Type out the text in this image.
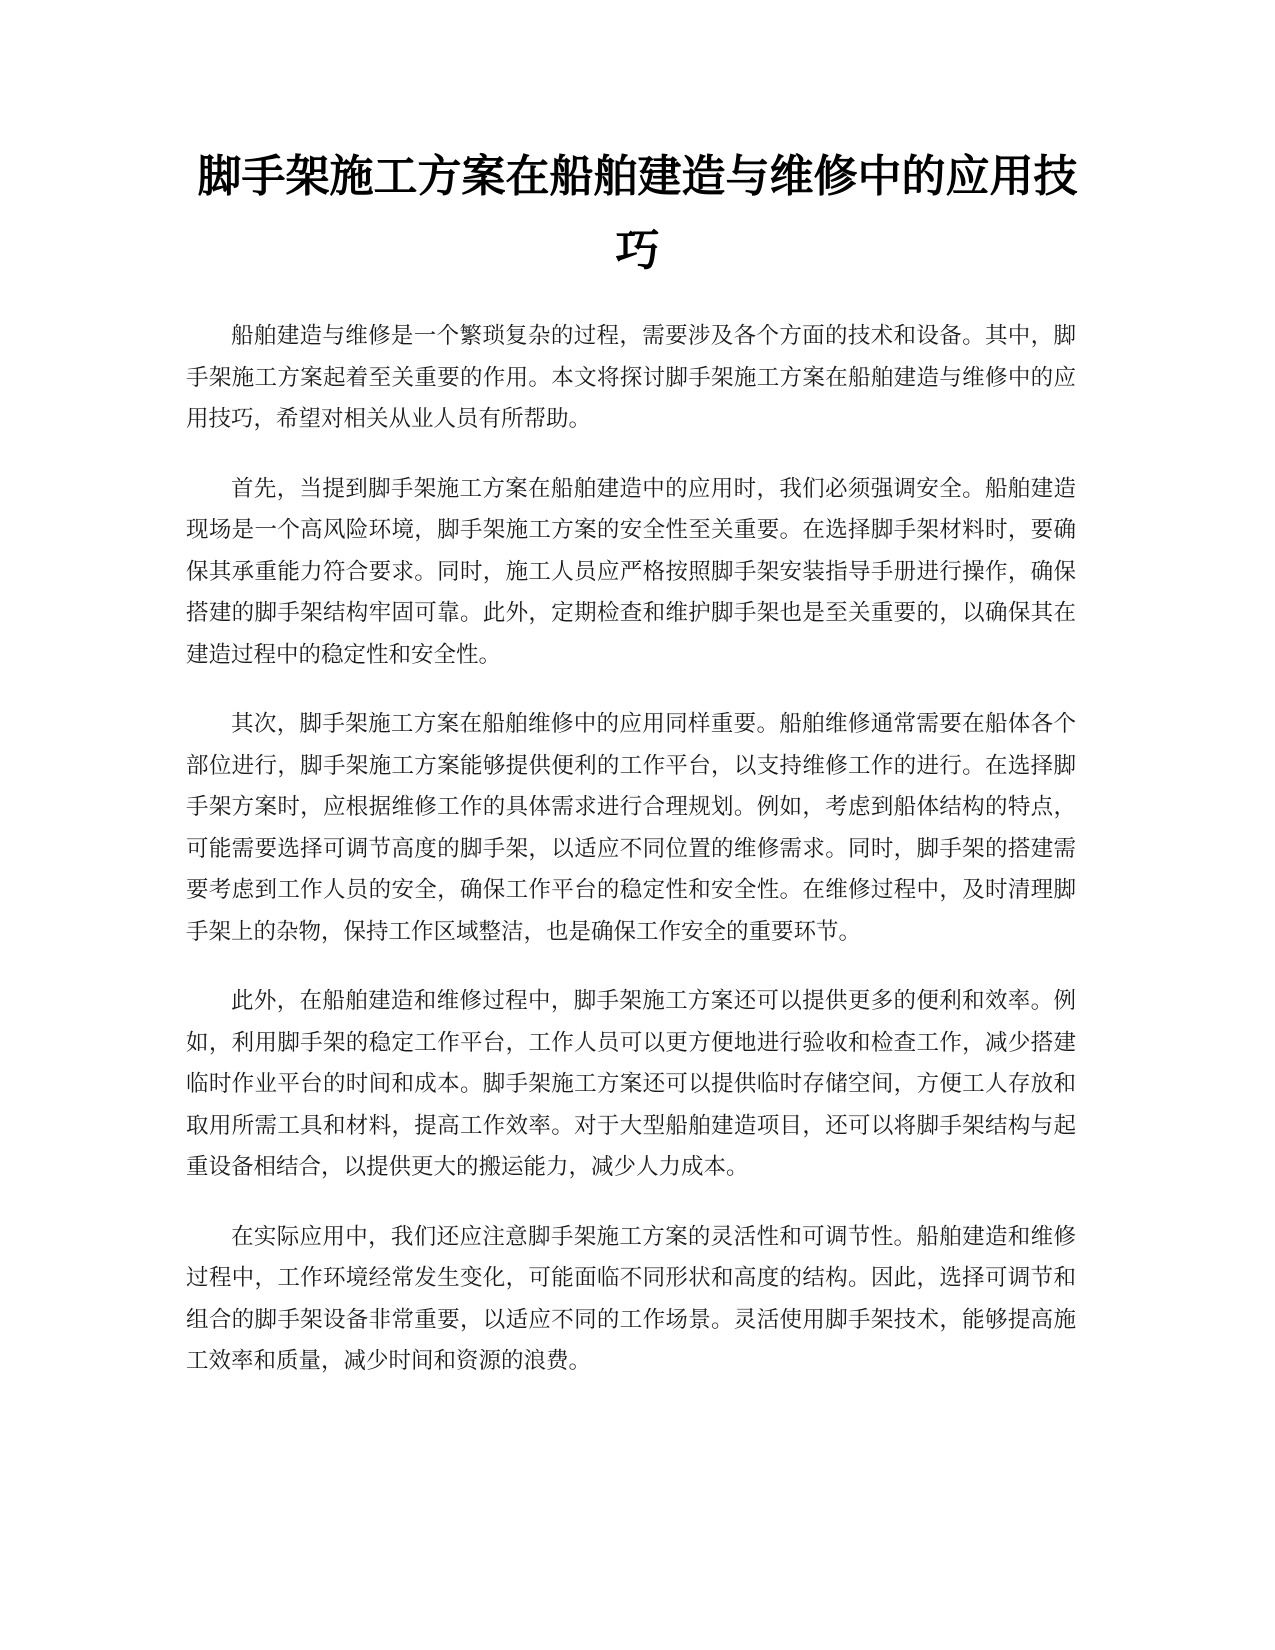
脚手架施工方案在船舶建造与维修中的应用技巧

船舶建造与维修是一个繁琐复杂的过程，需要涉及各个方面的技术和设备。其中，脚手架施工方案起着至关重要的作用。本文将探讨脚手架施工方案在船舶建造与维修中的应用技巧，希望对相关从业人员有所帮助。

首先，当提到脚手架施工方案在船舶建造中的应用时，我们必须强调安全。船舶建造现场是一个高风险环境，脚手架施工方案的安全性至关重要。在选择脚手架材料时，要确保其承重能力符合要求。同时，施工人员应严格按照脚手架安装指导手册进行操作，确保搭建的脚手架结构牢固可靠。此外，定期检查和维护脚手架也是至关重要的，以确保其在建造过程中的稳定性和安全性。

其次，脚手架施工方案在船舶维修中的应用同样重要。船舶维修通常需要在船体各个部位进行，脚手架施工方案能够提供便利的工作平台，以支持维修工作的进行。在选择脚手架方案时，应根据维修工作的具体需求进行合理规划。例如，考虑到船体结构的特点，可能需要选择可调节高度的脚手架，以适应不同位置的维修需求。同时，脚手架的搭建需要考虑到工作人员的安全，确保工作平台的稳定性和安全性。在维修过程中，及时清理脚手架上的杂物，保持工作区域整洁，也是确保工作安全的重要环节。

此外，在船舶建造和维修过程中，脚手架施工方案还可以提供更多的便利和效率。例如，利用脚手架的稳定工作平台，工作人员可以更方便地进行验收和检查工作，减少搭建临时作业平台的时间和成本。脚手架施工方案还可以提供临时存储空间，方便工人存放和取用所需工具和材料，提高工作效率。对于大型船舶建造项目，还可以将脚手架结构与起重设备相结合，以提供更大的搬运能力，减少人力成本。

在实际应用中，我们还应注意脚手架施工方案的灵活性和可调节性。船舶建造和维修过程中，工作环境经常发生变化，可能面临不同形状和高度的结构。因此，选择可调节和组合的脚手架设备非常重要，以适应不同的工作场景。灵活使用脚手架技术，能够提高施工效率和质量，减少时间和资源的浪费。
